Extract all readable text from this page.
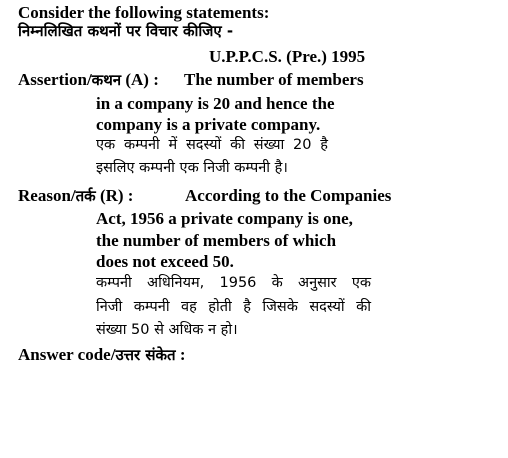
Consider the following statements:
निम्नलिखित कथनों पर विचार कीजिए -
U.P.P.C.S. (Pre.) 1995
Assertion/कथन (A) : The number of members
in a company is 20 and hence the
company is a private company.
एक कम्पनी में सदस्यों की संख्या 20 है
इसलिए कम्पनी एक निजी कम्पनी है।
Reason/तर्क (R) :	According to the Companies
Act, 1956 a private company is one,
the number of members of which
does not exceed 50.
कम्पनी अधिनियम, 1956 के अनुसार एक
निजी कम्पनी वह होती है जिसके सदस्यों की
संख्या 50 से अधिक न हो।
Answer code/उत्तर संकेत :
